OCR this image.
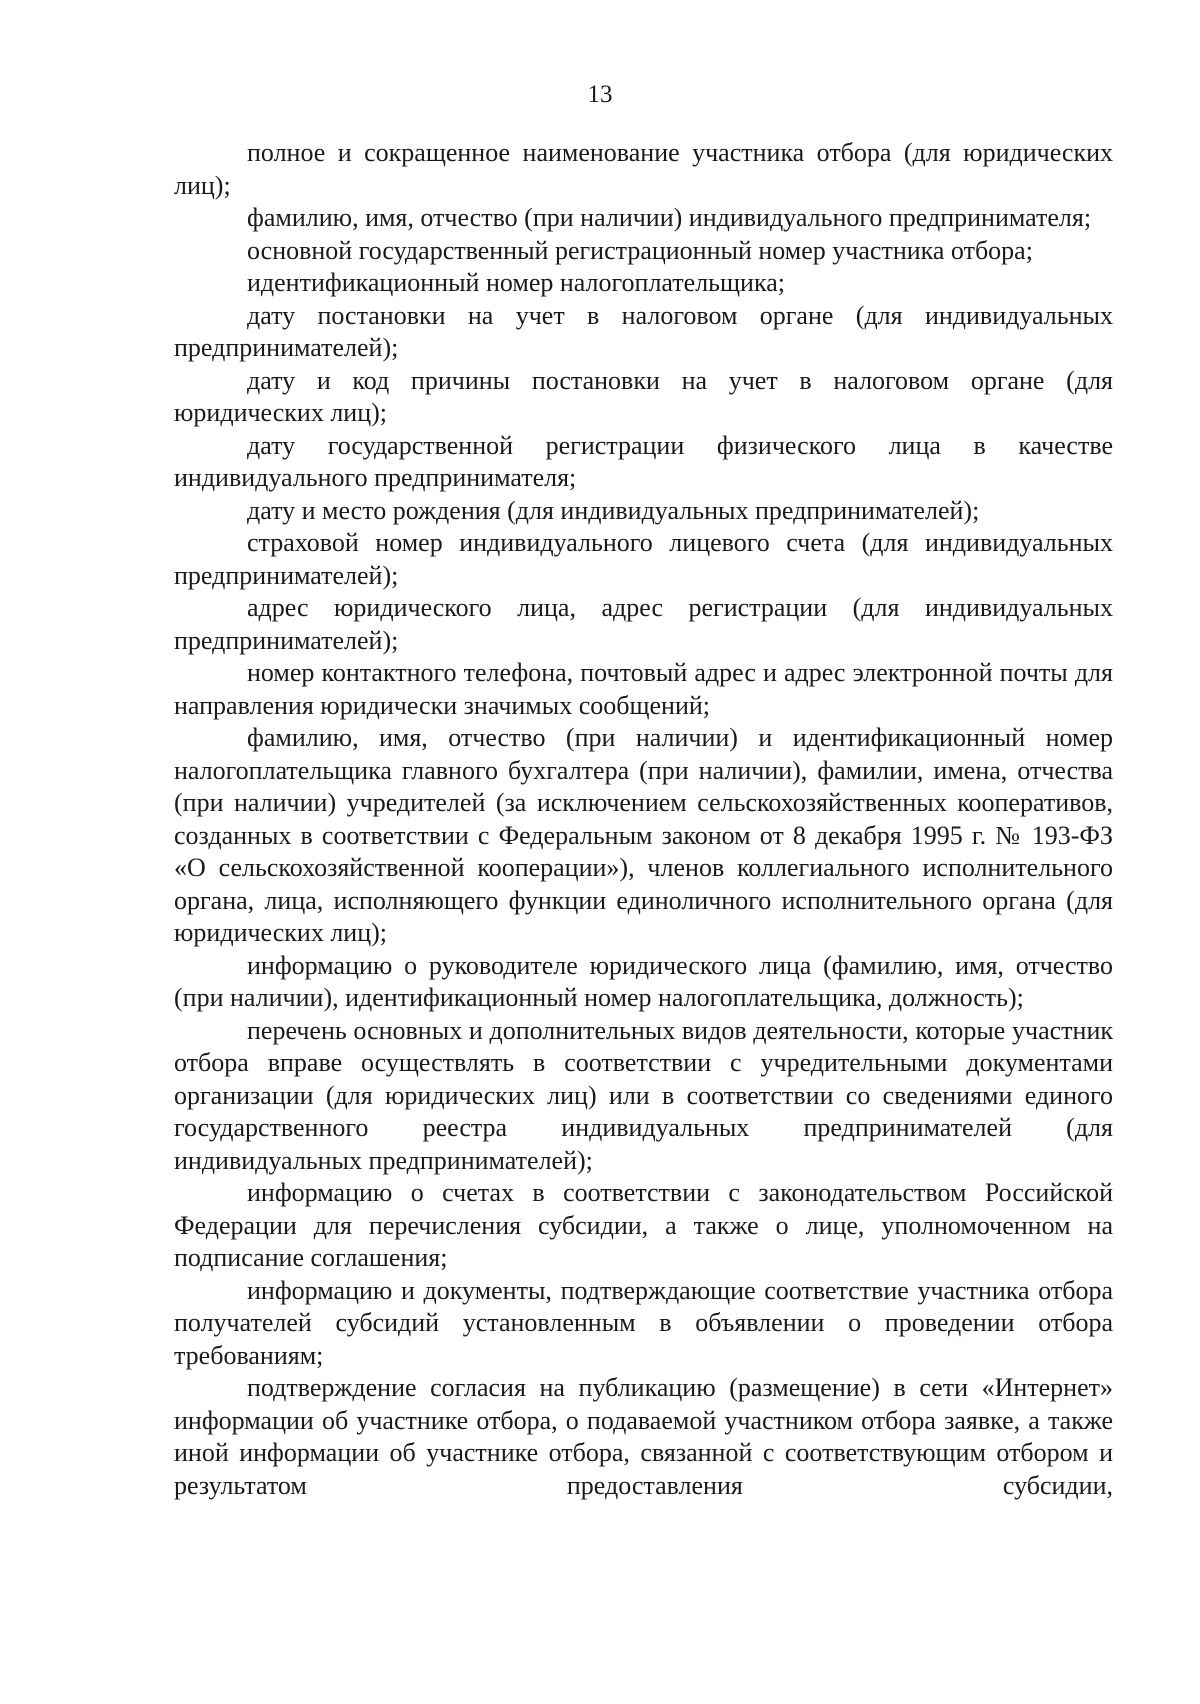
13

полное и сокращенное наименование участника отбора (для юридических лиц);

фамилию, имя, отчество (при наличии) индивидуального предпринимателя;

основной государственный регистрационный номер участника отбора;

идентификационный номер налогоплательщика;

дату постановки на учет в налоговом органе (для индивидуальных предпринимателей);

дату и код причины постановки на учет в налоговом органе (для юридических лиц);

дату государственной регистрации физического лица в качестве индивидуального предпринимателя;

дату и место рождения (для индивидуальных предпринимателей);

страховой номер индивидуального лицевого счета (для индивидуальных предпринимателей);

адрес юридического лица, адрес регистрации (для индивидуальных предпринимателей);

номер контактного телефона, почтовый адрес и адрес электронной почты для направления юридически значимых сообщений;

фамилию, имя, отчество (при наличии) и идентификационный номер налогоплательщика главного бухгалтера (при наличии), фамилии, имена, отчества (при наличии) учредителей (за исключением сельскохозяйственных кооперативов, созданных в соответствии с Федеральным законом от 8 декабря 1995 г. № 193-ФЗ «О сельскохозяйственной кооперации»), членов коллегиального исполнительного органа, лица, исполняющего функции единоличного исполнительного органа (для юридических лиц);

информацию о руководителе юридического лица (фамилию, имя, отчество (при наличии), идентификационный номер налогоплательщика, должность);

перечень основных и дополнительных видов деятельности, которые участник отбора вправе осуществлять в соответствии с учредительными документами организации (для юридических лиц) или в соответствии со сведениями единого государственного реестра индивидуальных предпринимателей (для индивидуальных предпринимателей);

информацию о счетах в соответствии с законодательством Российской Федерации для перечисления субсидии, а также о лице, уполномоченном на подписание соглашения;

информацию и документы, подтверждающие соответствие участника отбора получателей субсидий установленным в объявлении о проведении отбора требованиям;

подтверждение согласия на публикацию (размещение) в сети «Интернет» информации об участнике отбора, о подаваемой участником отбора заявке, а также иной информации об участнике отбора, связанной с соответствующим отбором и результатом предоставления субсидии,
